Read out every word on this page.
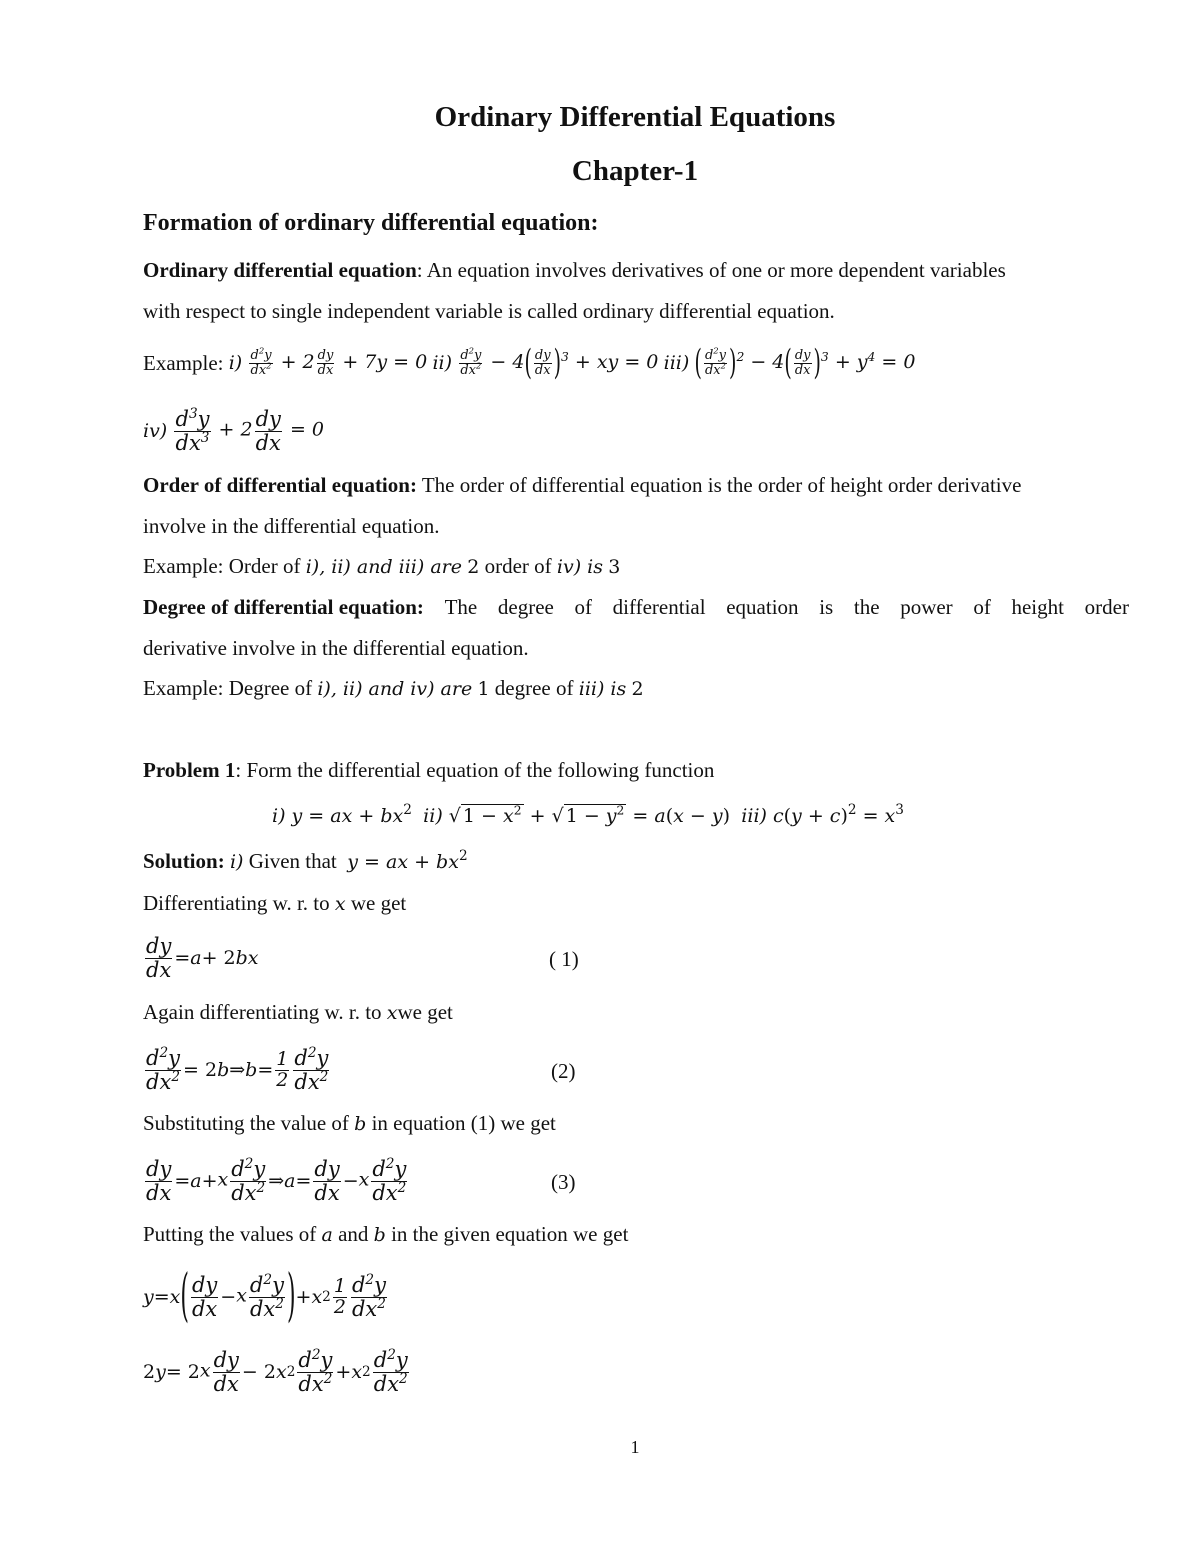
Ordinary Differential Equations
Chapter-1
Formation of ordinary differential equation:
Ordinary differential equation: An equation involves derivatives of one or more dependent variables
with respect to single independent variable is called ordinary differential equation.
Example:
i)
$\frac{d^2y}{dx^2} + 2 \frac{dy}{dx} + 7y = 0$
ii)
$\frac{d^2y}{dx^2} - 4( \frac{dy}{dx} )^3$ + xy = 0
iii)
( $\frac{d^2y}{dx^2} )^2 - 4( \frac{dy}{dx} )^3 + y^4 = 0$
iv)
$\frac{d^3y}{dx^3} + 2 \frac{dy}{dx} = 0$
Order of differential equation: The order of differential equation is the order of height order derivative
involve in the differential equation.
Example: Order of i), ii) and iii) are 2 order of iv) is 3
Degree of differential equation: The degree of differential equation is the power of height order
derivative involve in the differential equation.
Example: Degree of i), ii) and iv) are 1 degree of iii) is 2
Problem 1: Form the differential equation of the following function
i) y = ax + $bx^2$  ii) √ $1 - x^2$ + √ $1 - y^2 = a(x - y)$  iii) $c(y + c)^2 = x^3$
Solution: i) Given that y = ax + $bx^2$
Differentiating w. r. to x we get
$\frac{dy}{dx} = a + 2$ bx	( 1)
Again differentiating w. r. to xwe get
$\frac{d^2y}{dx^2} = 2$ b ⇒ $b = \frac{1}{2} \frac{d^2y}{dx^2}$	(2)
Substituting the value of b in equation (1) we get
$\frac{dy}{dx} = a + x \frac{d^2y}{dx^2}$ ⇒ $a = \frac{dy}{dx} - x \frac{d^2y}{dx^2}$	(3)
Putting the values of a and b in the given equation we get
y = x ( $\frac{dy}{dx} - x \frac{d^2y}{dx^2}$ ) + x $2 \frac{1}{2} \frac{d^2y}{dx^2}$
2 y = 2 x $\frac{dy}{dx} - 2$ x $2 \frac{d^2y}{dx^2} + x$ $2 \frac{d^2y}{dx^2}$
1
